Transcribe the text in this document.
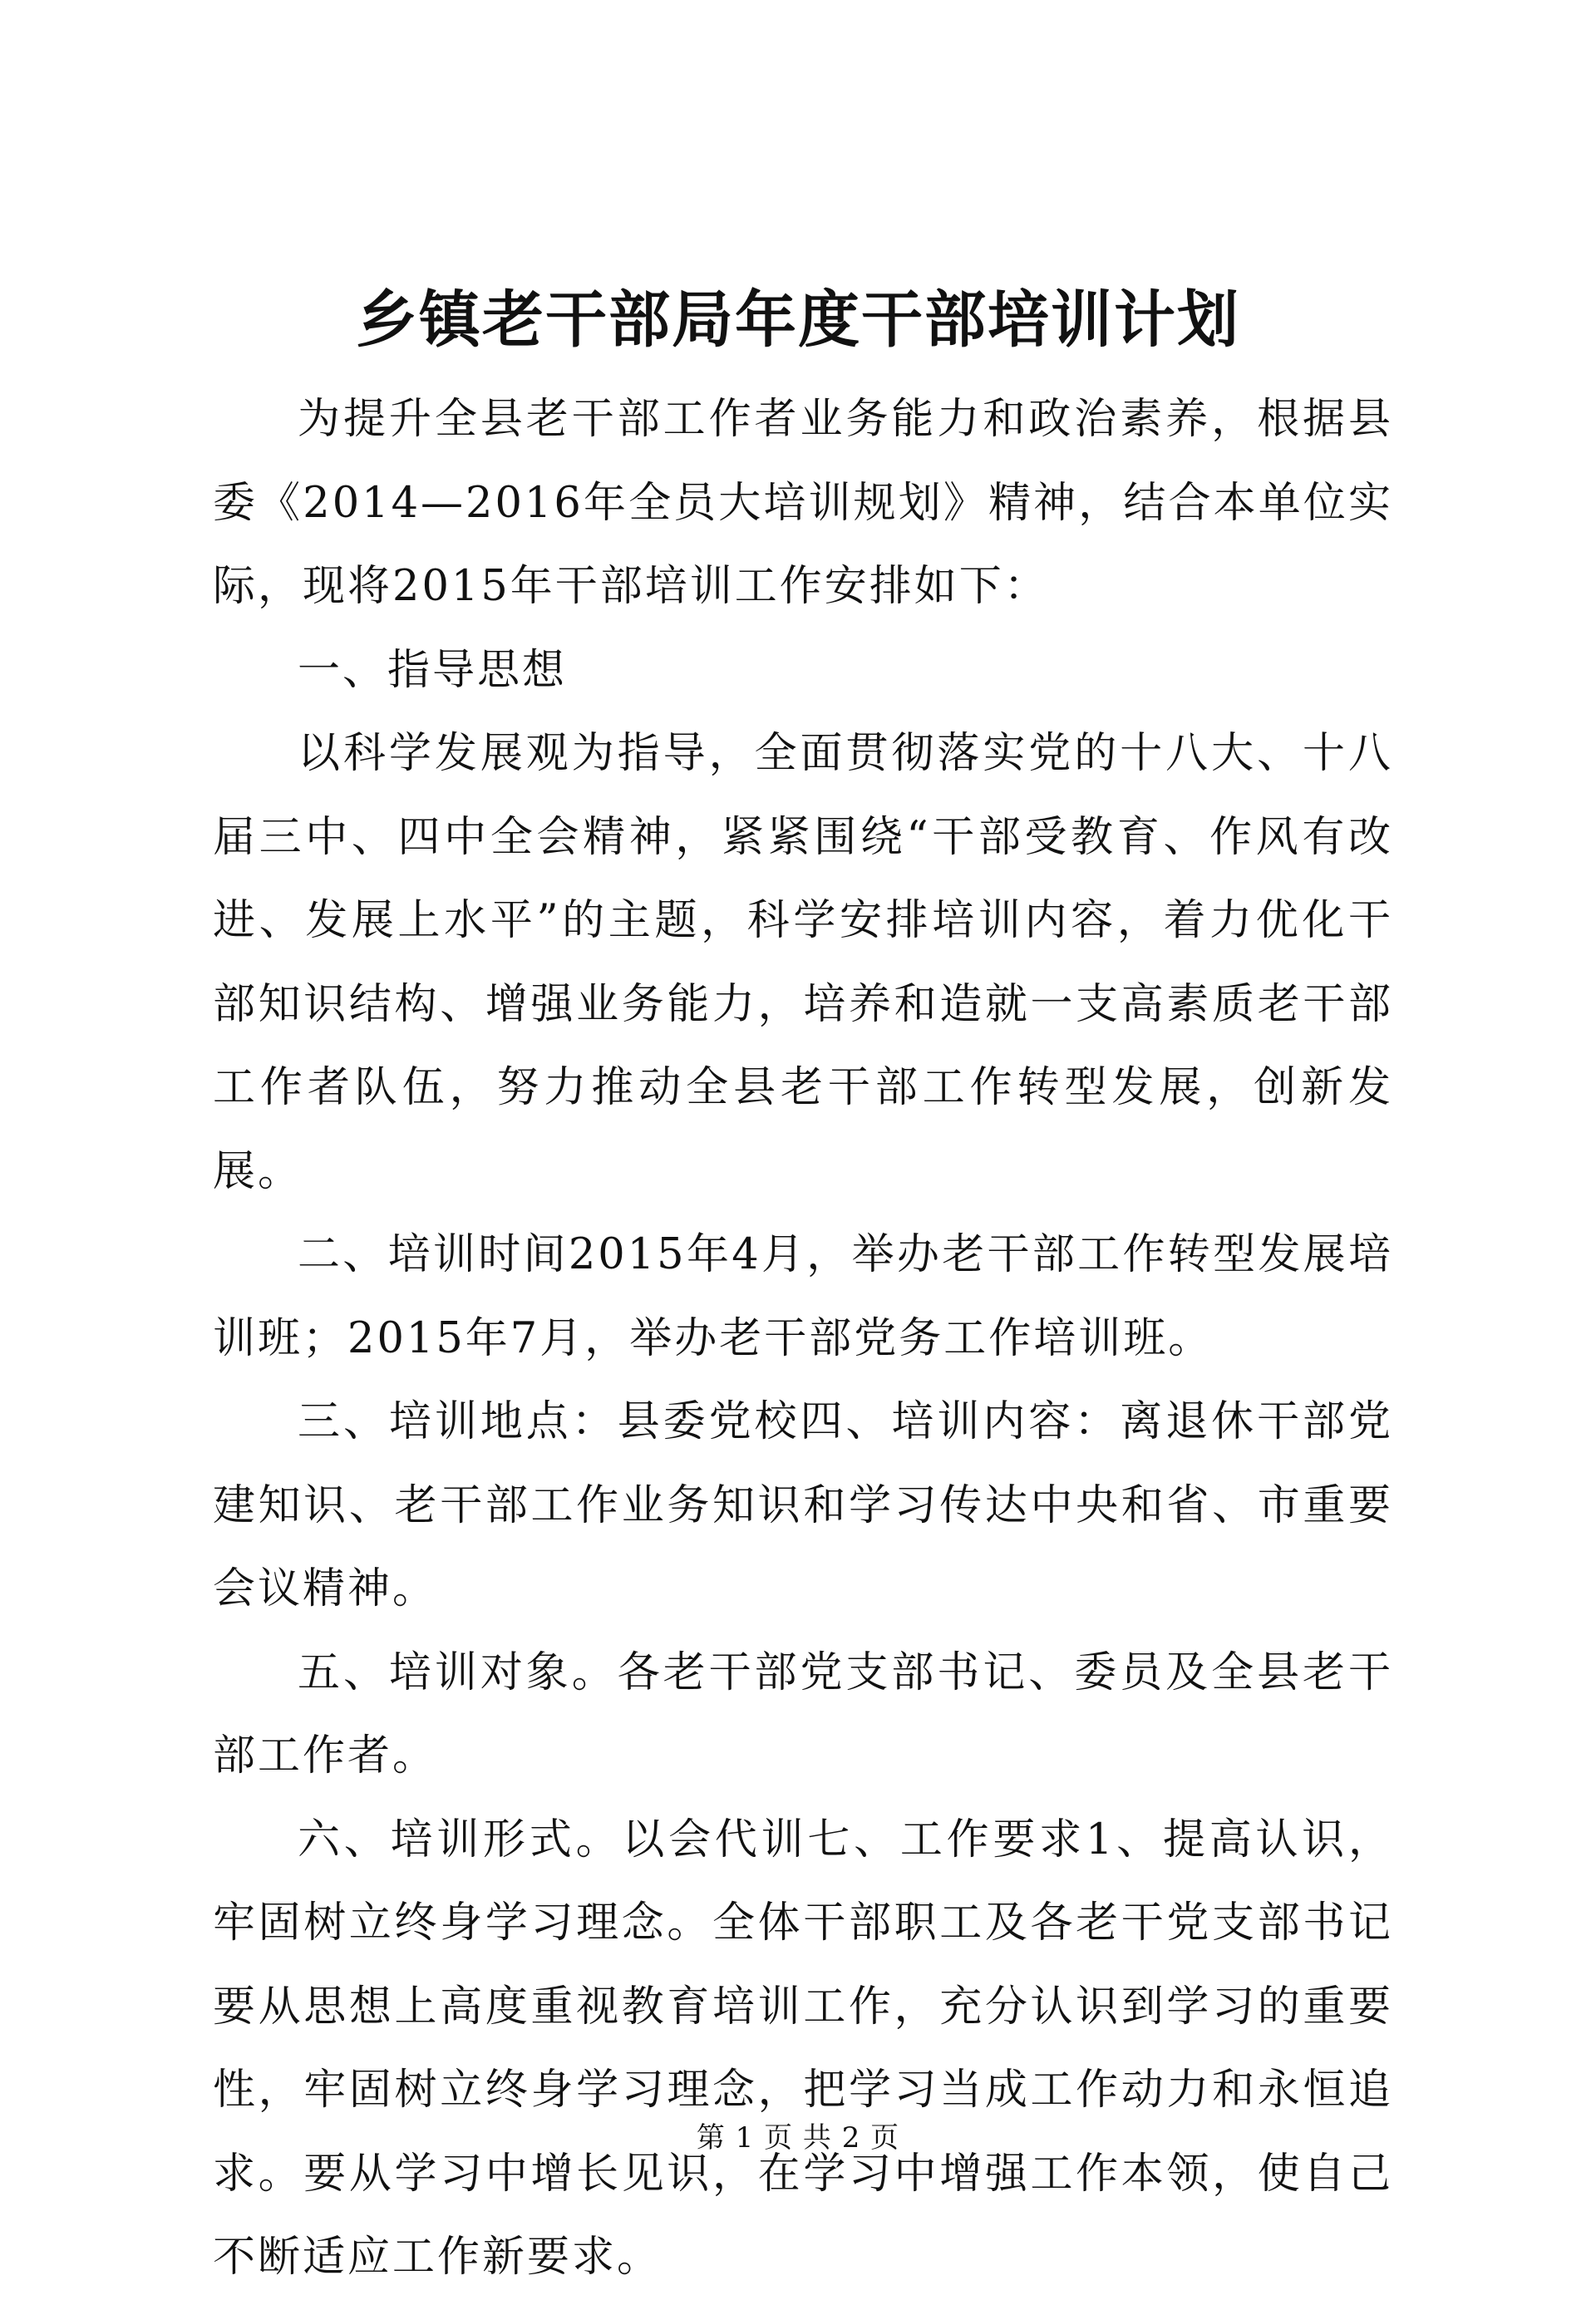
乡镇老干部局年度干部培训计划

为提升全县老干部工作者业务能力和政治素养，根据县委《2014—2016年全员大培训规划》精神，结合本单位实际，现将2015年干部培训工作安排如下：

一、指导思想

以科学发展观为指导，全面贯彻落实党的十八大、十八届三中、四中全会精神，紧紧围绕“干部受教育、作风有改进、发展上水平”的主题，科学安排培训内容，着力优化干部知识结构、增强业务能力，培养和造就一支高素质老干部工作者队伍，努力推动全县老干部工作转型发展，创新发展。

二、培训时间2015年4月，举办老干部工作转型发展培训班；2015年7月，举办老干部党务工作培训班。

三、培训地点：县委党校四、培训内容：离退休干部党建知识、老干部工作业务知识和学习传达中央和省、市重要会议精神。

五、培训对象。各老干部党支部书记、委员及全县老干部工作者。

六、培训形式。以会代训七、工作要求1、提高认识，牢固树立终身学习理念。全体干部职工及各老干党支部书记要从思想上高度重视教育培训工作，充分认识到学习的重要性，牢固树立终身学习理念，把学习当成工作动力和永恒追求。要从学习中增长见识，在学习中增强工作本领，使自己不断适应工作新要求。

第 1 页 共 2 页
